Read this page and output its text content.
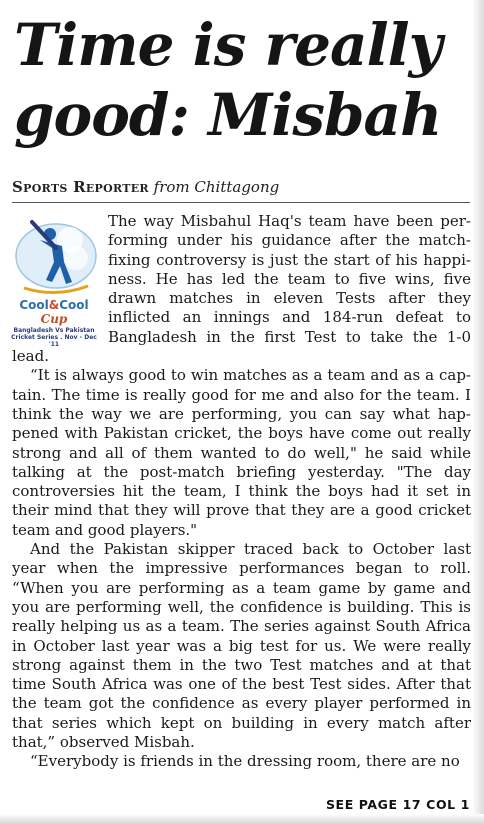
Time is really good: Misbah
Sports Reporter from Chittagong
Cool&Cool
Cup
Bangladesh Vs Pakistan
Cricket Series . Nov - Dec '11

The way Misbahul Haq's team have been performing under his guidance after the match-fixing controversy is just the start of his happiness. He has led the team to five wins, five drawn matches in eleven Tests after they inflicted an innings and 184-run defeat to Bangladesh in the first Test to take the 1-0 lead.

“It is always good to win matches as a team and as a captain. The time is really good for me and also for the team. I think the way we are performing, you can say what happened with Pakistan cricket, the boys have come out really strong and all of them wanted to do well," he said while talking at the post-match briefing yesterday. "The day controversies hit the team, I think the boys had it set in their mind that they will prove that they are a good cricket team and good players."

And the Pakistan skipper traced back to October last year when the impressive performances began to roll. “When you are performing as a team game by game and you are performing well, the confidence is building. This is really helping us as a team. The series against South Africa in October last year was a big test for us. We were really strong against them in the two Test matches and at that time South Africa was one of the best Test sides. After that the team got the confidence as every player performed in that series which kept on building in every match after that,” observed Misbah.

“Everybody is friends in the dressing room, there are no

SEE PAGE 17 COL 1
